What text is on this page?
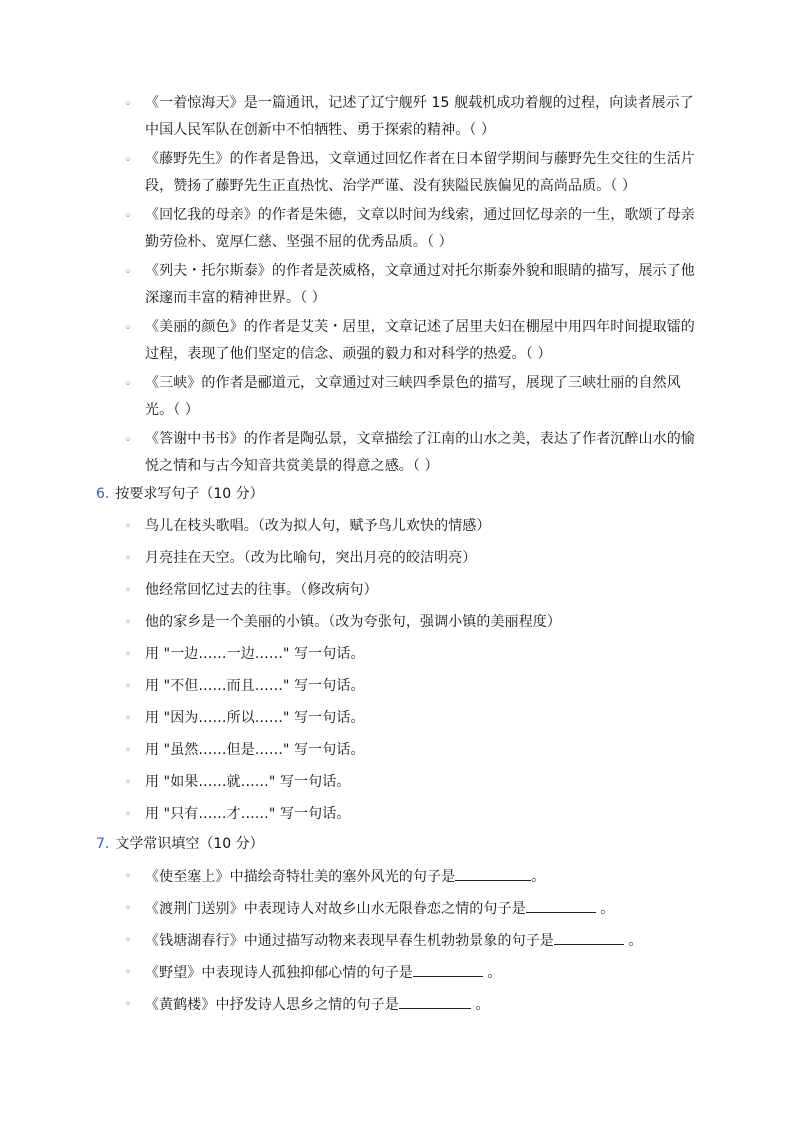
◦ 《一着惊海天》是一篇通讯，记述了辽宁舰歼 15 舰载机成功着舰的过程，向读者展示了中国人民军队在创新中不怕牺牲、勇于探索的精神。（ ）
◦ 《藤野先生》的作者是鲁迅，文章通过回忆作者在日本留学期间与藤野先生交往的生活片段，赞扬了藤野先生正直热忱、治学严谨、没有狭隘民族偏见的高尚品质。（ ）
◦ 《回忆我的母亲》的作者是朱德，文章以时间为线索，通过回忆母亲的一生，歌颂了母亲勤劳俭朴、宽厚仁慈、坚强不屈的优秀品质。（ ）
◦ 《列夫・托尔斯泰》的作者是茨威格，文章通过对托尔斯泰外貌和眼睛的描写，展示了他深邃而丰富的精神世界。（ ）
◦ 《美丽的颜色》的作者是艾芙・居里，文章记述了居里夫妇在棚屋中用四年时间提取镭的过程，表现了他们坚定的信念、顽强的毅力和对科学的热爱。（ ）
◦ 《三峡》的作者是郦道元，文章通过对三峡四季景色的描写，展现了三峡壮丽的自然风光。（ ）
◦ 《答谢中书书》的作者是陶弘景，文章描绘了江南的山水之美，表达了作者沉醉山水的愉悦之情和与古今知音共赏美景的得意之感。（ ）
6. 按要求写句子（10 分）
◦ 鸟儿在枝头歌唱。（改为拟人句，赋予鸟儿欢快的情感）
◦ 月亮挂在天空。（改为比喻句，突出月亮的皎洁明亮）
◦ 他经常回忆过去的往事。（修改病句）
◦ 他的家乡是一个美丽的小镇。（改为夸张句，强调小镇的美丽程度）
◦ 用 "一边……一边……" 写一句话。
◦ 用 "不但……而且……" 写一句话。
◦ 用 "因为……所以……" 写一句话。
◦ 用 "虽然……但是……" 写一句话。
◦ 用 "如果……就……" 写一句话。
◦ 用 "只有……才……" 写一句话。
7. 文学常识填空（10 分）
◦ 《使至塞上》中描绘奇特壮美的塞外风光的句子是	。
◦ 《渡荆门送别》中表现诗人对故乡山水无限眷恋之情的句子是	。
◦ 《钱塘湖春行》中通过描写动物来表现早春生机勃勃景象的句子是	。
◦ 《野望》中表现诗人孤独抑郁心情的句子是	。
◦ 《黄鹤楼》中抒发诗人思乡之情的句子是	。
